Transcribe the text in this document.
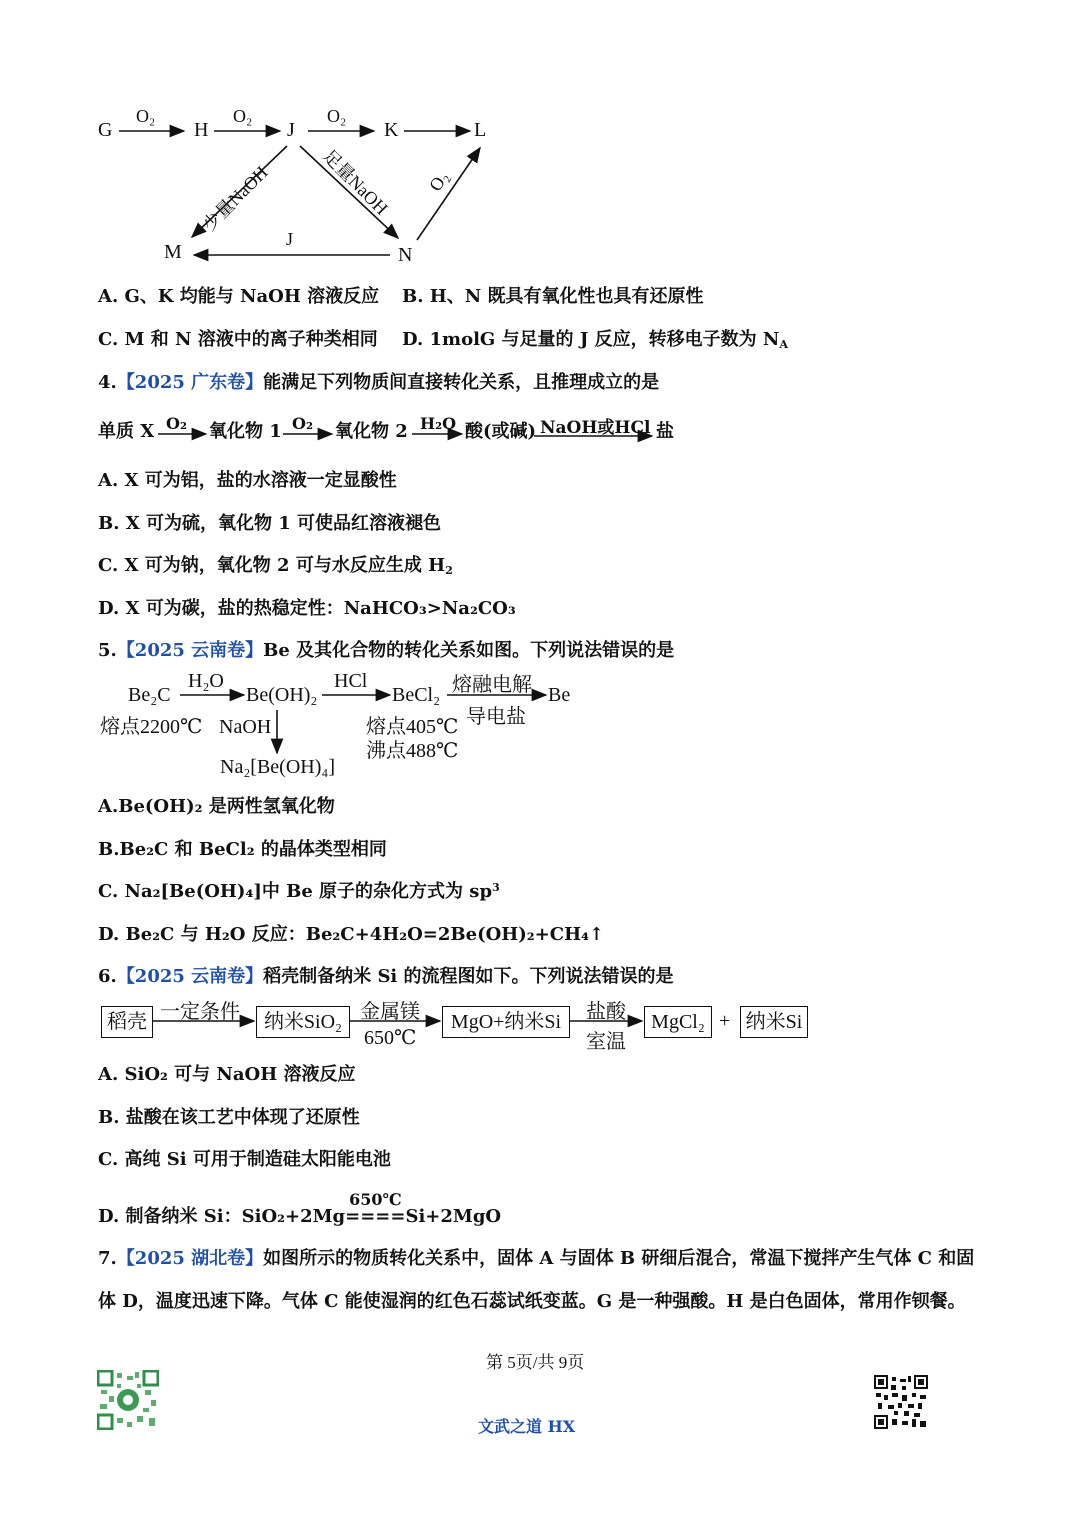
G	H	J	K	L
M	N
O₂	O₂	O₂
O₂
少量NaOH	足量NaOH
J
A. G、K 均能与 NaOH 溶液反应 B. H、N 既具有氧化性也具有还原性
C. M 和 N 溶液中的离子种类相同 D. 1molG 与足量的 J 反应，转移电子数为 $N_A$
4.【2025 广东卷】能满足下列物质间直接转化关系，且推理成立的是
单质 X O₂ 氧化物 1 O₂ 氧化物 2 H₂O 酸(或碱) NaOH或HCl 盐
A. X 可为铝，盐的水溶液一定显酸性
B. X 可为硫，氧化物 1 可使品红溶液褪色
C. X 可为钠，氧化物 2 可与水反应生成 $H_2$
D. X 可为碳，盐的热稳定性：NaHCO₃>Na₂CO₃
5.【2025 云南卷】Be 及其化合物的转化关系如图。下列说法错误的是
Be₂C
熔点2200℃
H₂O
Be(OH)₂
HCl
BeCl₂
熔点405℃
沸点488℃
熔融电解
导电盐
Be
NaOH
Na₂[Be(OH)₄]
A.Be(OH)₂ 是两性氢氧化物
B.Be₂C 和 BeCl₂ 的晶体类型相同
C. Na₂[Be(OH)₄]中 Be 原子的杂化方式为 $sp^3$
D. Be₂C 与 H₂O 反应：Be₂C+4H₂O=2Be(OH)₂+CH₄↑
6.【2025 云南卷】稻壳制备纳米 Si 的流程图如下。下列说法错误的是
稻壳	纳米SiO₂	MgO+纳米Si	MgCl₂ + 纳米Si
一定条件	金属镁
650℃
盐酸
室温
A. SiO₂ 可与 NaOH 溶液反应
B. 盐酸在该工艺中体现了还原性
C. 高纯 Si 可用于制造硅太阳能电池
D. 制备纳米 Si：SiO₂+2Mg
650℃
====Si+2MgO
7.【2025 湖北卷】如图所示的物质转化关系中，固体 A 与固体 B 研细后混合，常温下搅拌产生气体 C 和固
体 D，温度迅速下降。气体 C 能使湿润的红色石蕊试纸变蓝。G 是一种强酸。H 是白色固体，常用作钡餐。
第 5页/共 9页
文武之道 HX
